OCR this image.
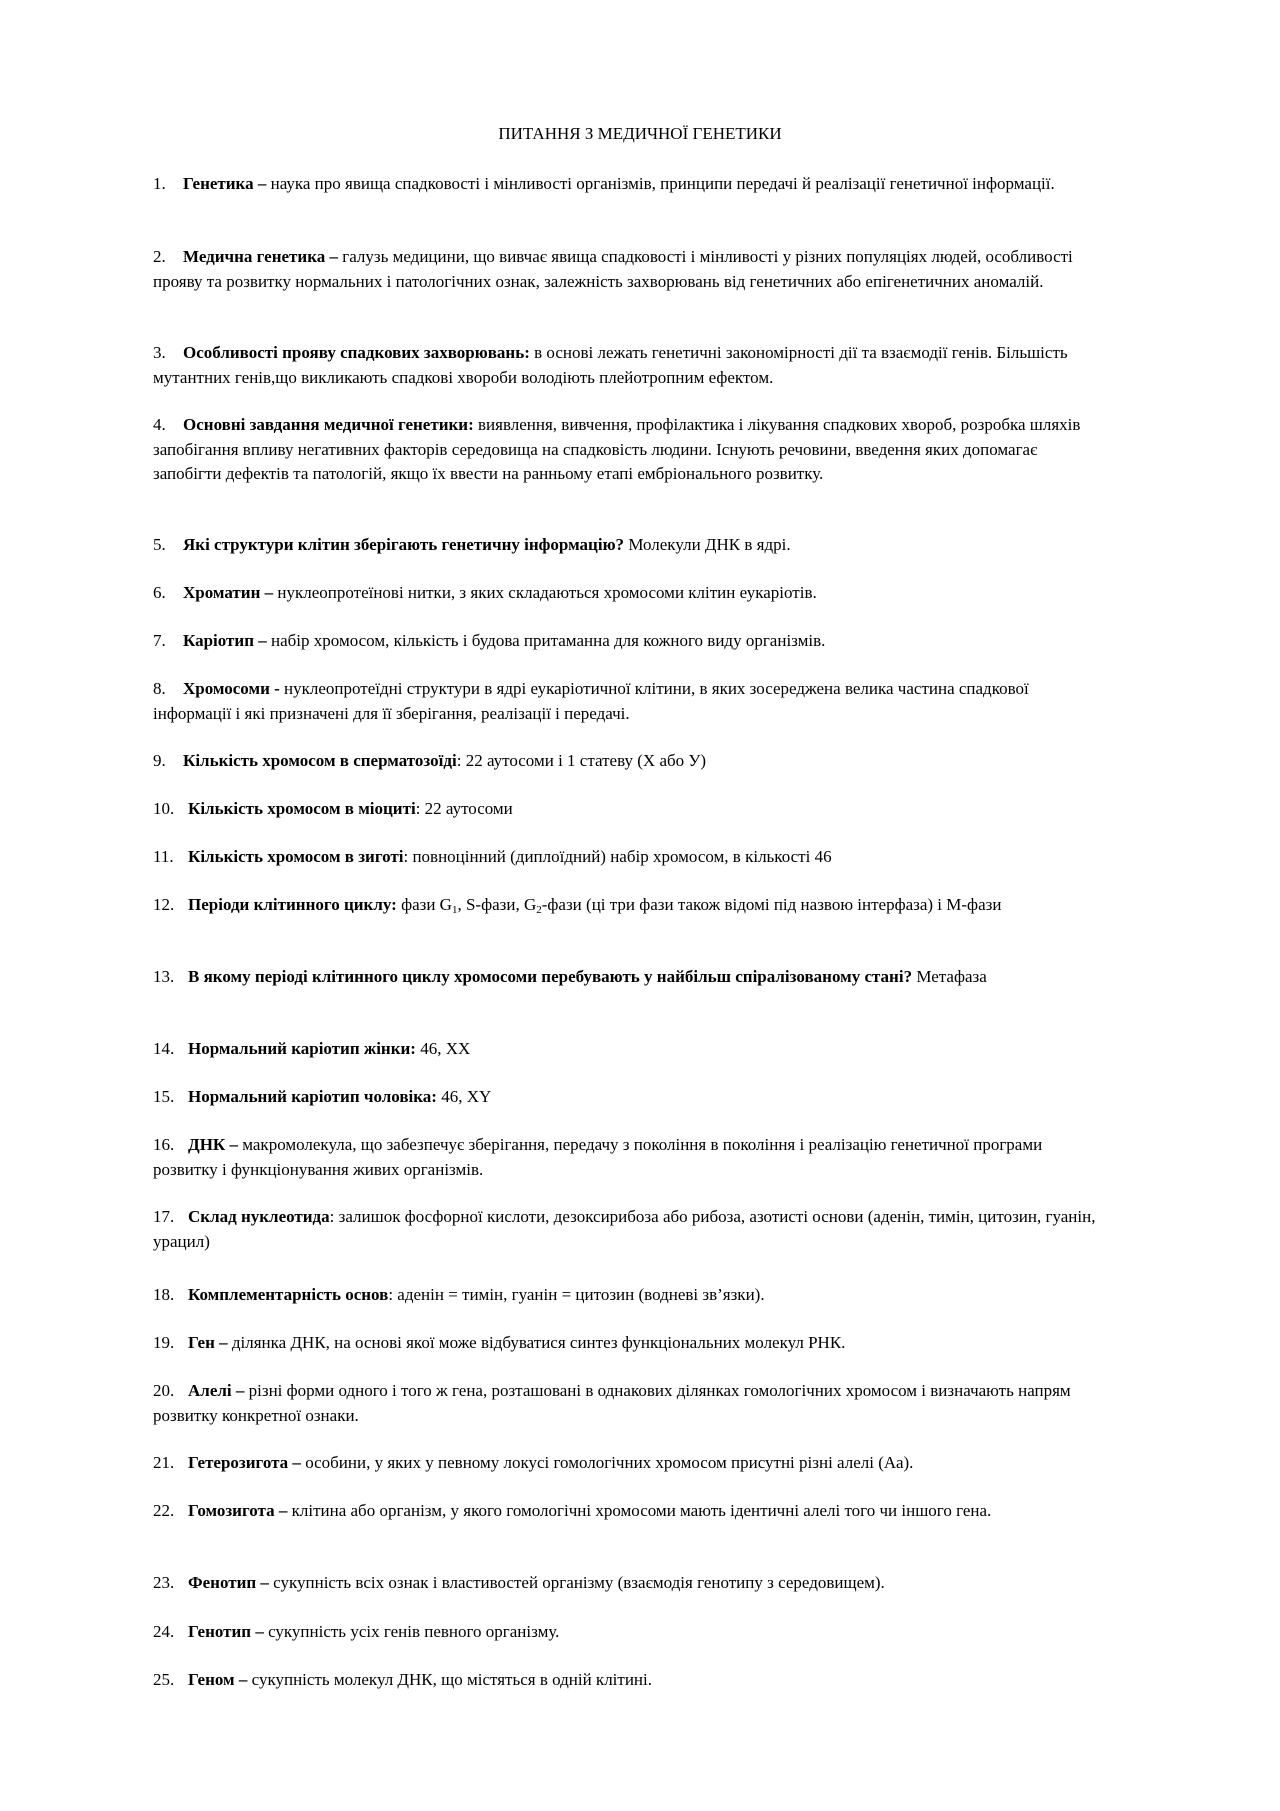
ПИТАННЯ З МЕДИЧНОЇ ГЕНЕТИКИ
1. Генетика – наука про явища спадковості і мінливості організмів, принципи передачі й реалізації генетичної інформації.
2. Медична генетика – галузь медицини, що вивчає явища спадковості і мінливості у різних популяціях людей, особливості прояву та розвитку нормальних і патологічних ознак, залежність захворювань від генетичних або епігенетичних аномалій.
3. Особливості прояву спадкових захворювань: в основі лежать генетичні закономірності дії та взаємодії генів. Більшість мутантних генів,що викликають спадкові хвороби володіють плейотропним ефектом.
4. Основні завдання медичної генетики: виявлення, вивчення, профілактика і лікування спадкових хвороб, розробка шляхів запобігання впливу негативних факторів середовища на спадковість людини. Існують речовини, введення яких допомагає запобігти дефектів та патологій, якщо їх ввести на ранньому етапі ембріонального розвитку.
5. Які структури клітин зберігають генетичну інформацію? Молекули ДНК в ядрі.
6. Хроматин – нуклеопротеїнові нитки, з яких складаються хромосоми клітин еукаріотів.
7. Каріотип – набір хромосом, кількість і будова притаманна для кожного виду організмів.
8. Хромосоми - нуклеопротеїдні структури в ядрі еукаріотичної клітини, в яких зосереджена велика частина спадкової інформації і які призначені для її зберігання, реалізації і передачі.
9. Кількість хромосом в сперматозоїді: 22 аутосоми і 1 статеву (Х або У)
10. Кількість хромосом в міоциті: 22 аутосоми
11. Кількість хромосом в зиготі: повноцінний (диплоїдний) набір хромосом, в кількості 46
12. Періоди клітинного циклу: фази $G_1$, S-фази, $G_2$-фази (ці три фази також відомі під назвою інтерфаза) і М-фази
13. В якому періоді клітинного циклу хромосоми перебувають у найбільш спіралізованому стані? Метафаза
14. Нормальний каріотип жінки: 46, ХХ
15. Нормальний каріотип чоловіка: 46, ХY
16. ДНК – макромолекула, що забезпечує зберігання, передачу з покоління в покоління і реалізацію генетичної програми розвитку і функціонування живих організмів.
17. Склад нуклеотида: залишок фосфорної кислоти, дезоксирибоза або рибоза, азотисті основи (аденін, тимін, цитозин, гуанін, урацил)
18. Комплементарність основ: аденін = тимін, гуанін = цитозин (водневі зв’язки).
19. Ген – ділянка ДНК, на основі якої може відбуватися синтез функціональних молекул РНК.
20. Алелі – різні форми одного і того ж гена, розташовані в однакових ділянках гомологічних хромосом і визначають напрям розвитку конкретної ознаки.
21. Гетерозигота – особини, у яких у певному локусі гомологічних хромосом присутні різні алелі (Аа).
22. Гомозигота – клітина або організм, у якого гомологічні хромосоми мають ідентичні алелі того чи іншого гена.
23. Фенотип – сукупність всіх ознак і властивостей організму (взаємодія генотипу з середовищем).
24. Генотип – сукупність усіх генів певного організму.
25. Геном – сукупність молекул ДНК, що містяться в одній клітині.
